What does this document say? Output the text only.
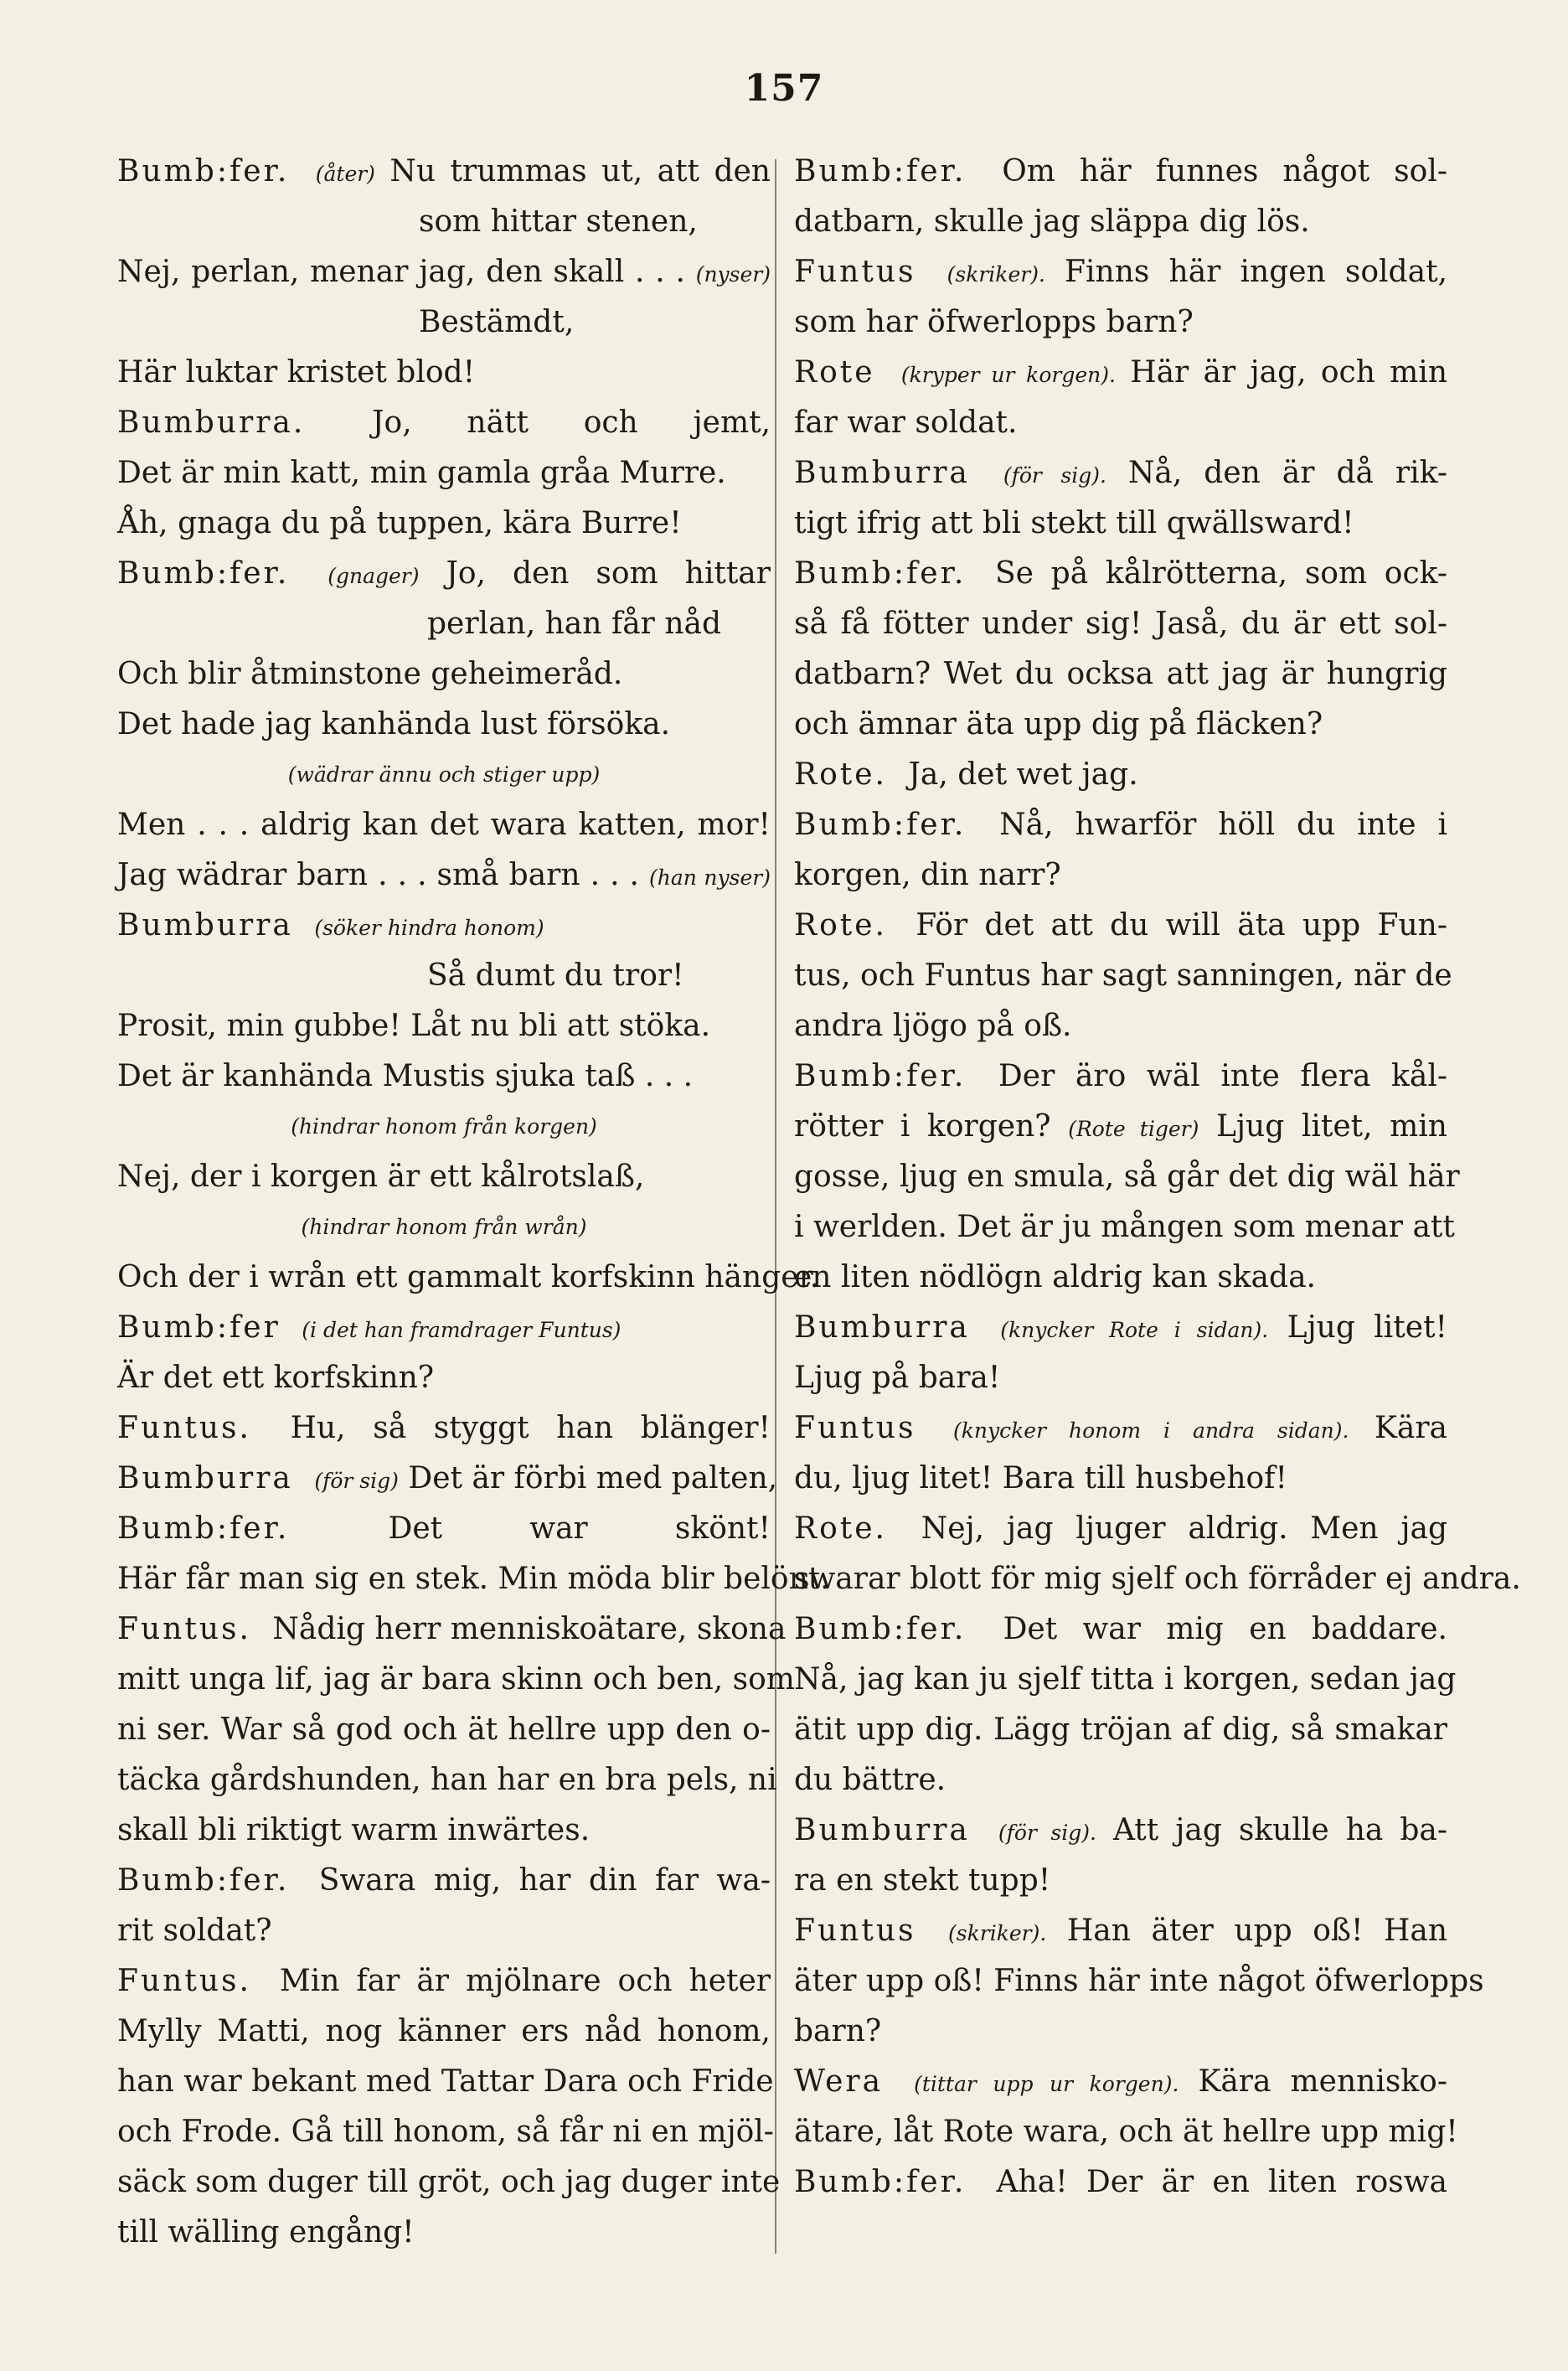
157
Bumb:fer. (åter) Nu trummas ut, att den
som hittar stenen,
Nej, perlan, menar jag, den skall . . . (nyser)
Bestämdt,
Här luktar kristet blod!
Bumburra. Jo, nätt och jemt,
Det är min katt, min gamla gråa Murre.
Åh, gnaga du på tuppen, kära Burre!
Bumb:fer. (gnager) Jo, den som hittar
perlan, han får nåd
Och blir åtminstone geheimeråd.
Det hade jag kanhända lust försöka.
(wädrar ännu och stiger upp)
Men . . . aldrig kan det wara katten, mor!
Jag wädrar barn . . . små barn . . . (han nyser)
Bumburra (söker hindra honom)
Så dumt du tror!
Prosit, min gubbe! Låt nu bli att stöka.
Det är kanhända Mustis sjuka taß . . .
(hindrar honom från korgen)
Nej, der i korgen är ett kålrotslaß,
(hindrar honom från wrån)
Och der i wrån ett gammalt korfskinn hänger.
Bumb:fer (i det han framdrager Funtus)
Är det ett korfskinn?
Funtus. Hu, så styggt han blänger!
Bumburra (för sig) Det är förbi med palten,
Bumb:fer.	Det war skönt!
Här får man sig en stek. Min möda blir belönt.
Funtus. Nådig herr menniskoätare, skona
mitt unga lif, jag är bara skinn och ben, som
ni ser. War så god och ät hellre upp den o-
täcka gårdshunden, han har en bra pels, ni
skall bli riktigt warm inwärtes.
Bumb:fer. Swara mig, har din far wa-
rit soldat?
Funtus. Min far är mjölnare och heter
Mylly Matti, nog känner ers nåd honom,
han war bekant med Tattar Dara och Fride
och Frode. Gå till honom, så får ni en mjöl-
säck som duger till gröt, och jag duger inte
till wälling engång!
Bumb:fer. Om här funnes något sol-
datbarn, skulle jag släppa dig lös.
Funtus (skriker). Finns här ingen soldat,
som har öfwerlopps barn?
Rote (kryper ur korgen). Här är jag, och min
far war soldat.
Bumburra (för sig). Nå, den är då rik-
tigt ifrig att bli stekt till qwällsward!
Bumb:fer. Se på kålrötterna, som ock-
så få fötter under sig! Jaså, du är ett sol-
datbarn? Wet du ocksa att jag är hungrig
och ämnar äta upp dig på fläcken?
Rote. Ja, det wet jag.
Bumb:fer. Nå, hwarför höll du inte i
korgen, din narr?
Rote. För det att du will äta upp Fun-
tus, och Funtus har sagt sanningen, när de
andra ljögo på oß.
Bumb:fer. Der äro wäl inte flera kål-
rötter i korgen? (Rote tiger) Ljug litet, min
gosse, ljug en smula, så går det dig wäl här
i werlden. Det är ju mången som menar att
en liten nödlögn aldrig kan skada.
Bumburra (knycker Rote i sidan). Ljug litet!
Ljug på bara!
Funtus (knycker honom i andra sidan). Kära
du, ljug litet! Bara till husbehof!
Rote. Nej, jag ljuger aldrig. Men jag
swarar blott för mig sjelf och förråder ej andra.
Bumb:fer. Det war mig en baddare.
Nå, jag kan ju sjelf titta i korgen, sedan jag
ätit upp dig. Lägg tröjan af dig, så smakar
du bättre.
Bumburra (för sig). Att jag skulle ha ba-
ra en stekt tupp!
Funtus (skriker). Han äter upp oß! Han
äter upp oß! Finns här inte något öfwerlopps
barn?
Wera (tittar upp ur korgen). Kära mennisko-
ätare, låt Rote wara, och ät hellre upp mig!
Bumb:fer. Aha! Der är en liten roswa
